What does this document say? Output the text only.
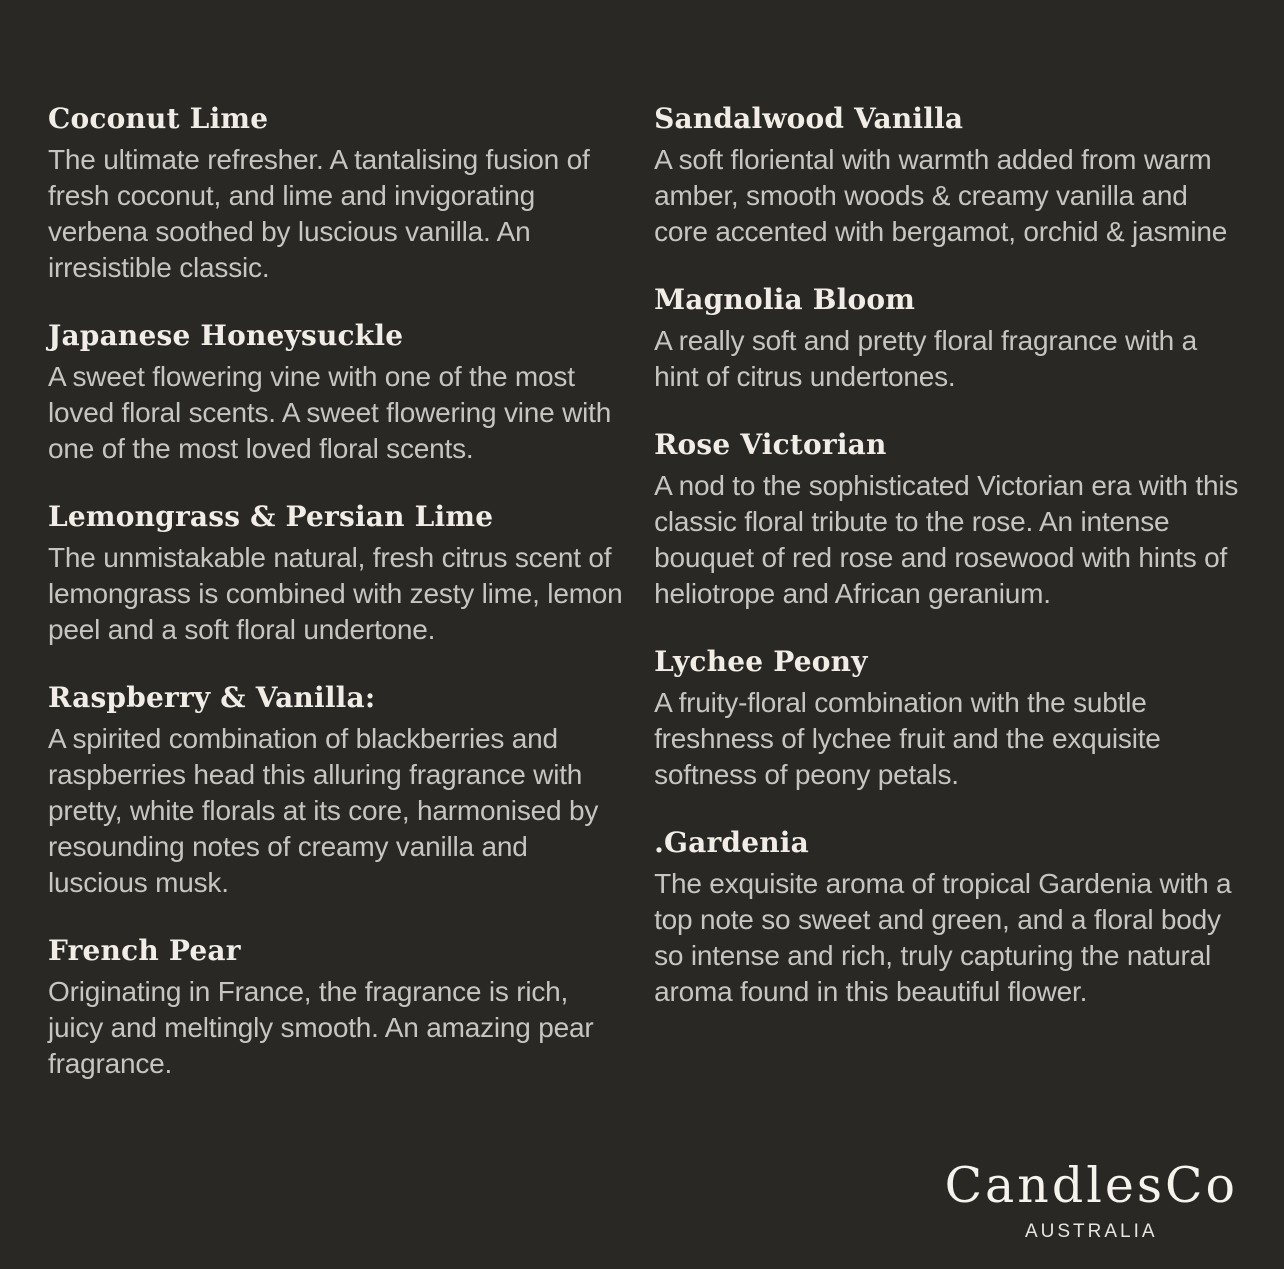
Coconut Lime

The ultimate refresher. A tantalising fusion of fresh coconut, and lime and invigorating verbena soothed by luscious vanilla. An irresistible classic.

Japanese Honeysuckle

A sweet flowering vine with one of the most loved floral scents. A sweet flowering vine with one of the most loved floral scents.

Lemongrass & Persian Lime

The unmistakable natural, fresh citrus scent of lemongrass is combined with zesty lime, lemon peel and a soft floral undertone.

Raspberry & Vanilla:

A spirited combination of blackberries and raspberries head this alluring fragrance with pretty, white florals at its core, harmonised by resounding notes of creamy vanilla and luscious musk.

French Pear

Originating in France, the fragrance is rich, juicy and meltingly smooth. An amazing pear fragrance.

Sandalwood Vanilla

A soft floriental with warmth added from warm amber, smooth woods & creamy vanilla and core accented with bergamot, orchid & jasmine

Magnolia Bloom

A really soft and pretty floral fragrance with a hint of citrus undertones.

Rose Victorian

A nod to the sophisticated Victorian era with this classic floral tribute to the rose. An intense bouquet of red rose and rosewood with hints of heliotrope and African geranium.

Lychee Peony

A fruity-floral combination with the subtle freshness of lychee fruit and the exquisite softness of peony petals.

.Gardenia

The exquisite aroma of tropical Gardenia with a top note so sweet and green, and a floral body so intense and rich, truly capturing the natural aroma found in this beautiful flower.

CandlesCo
AUSTRALIA
